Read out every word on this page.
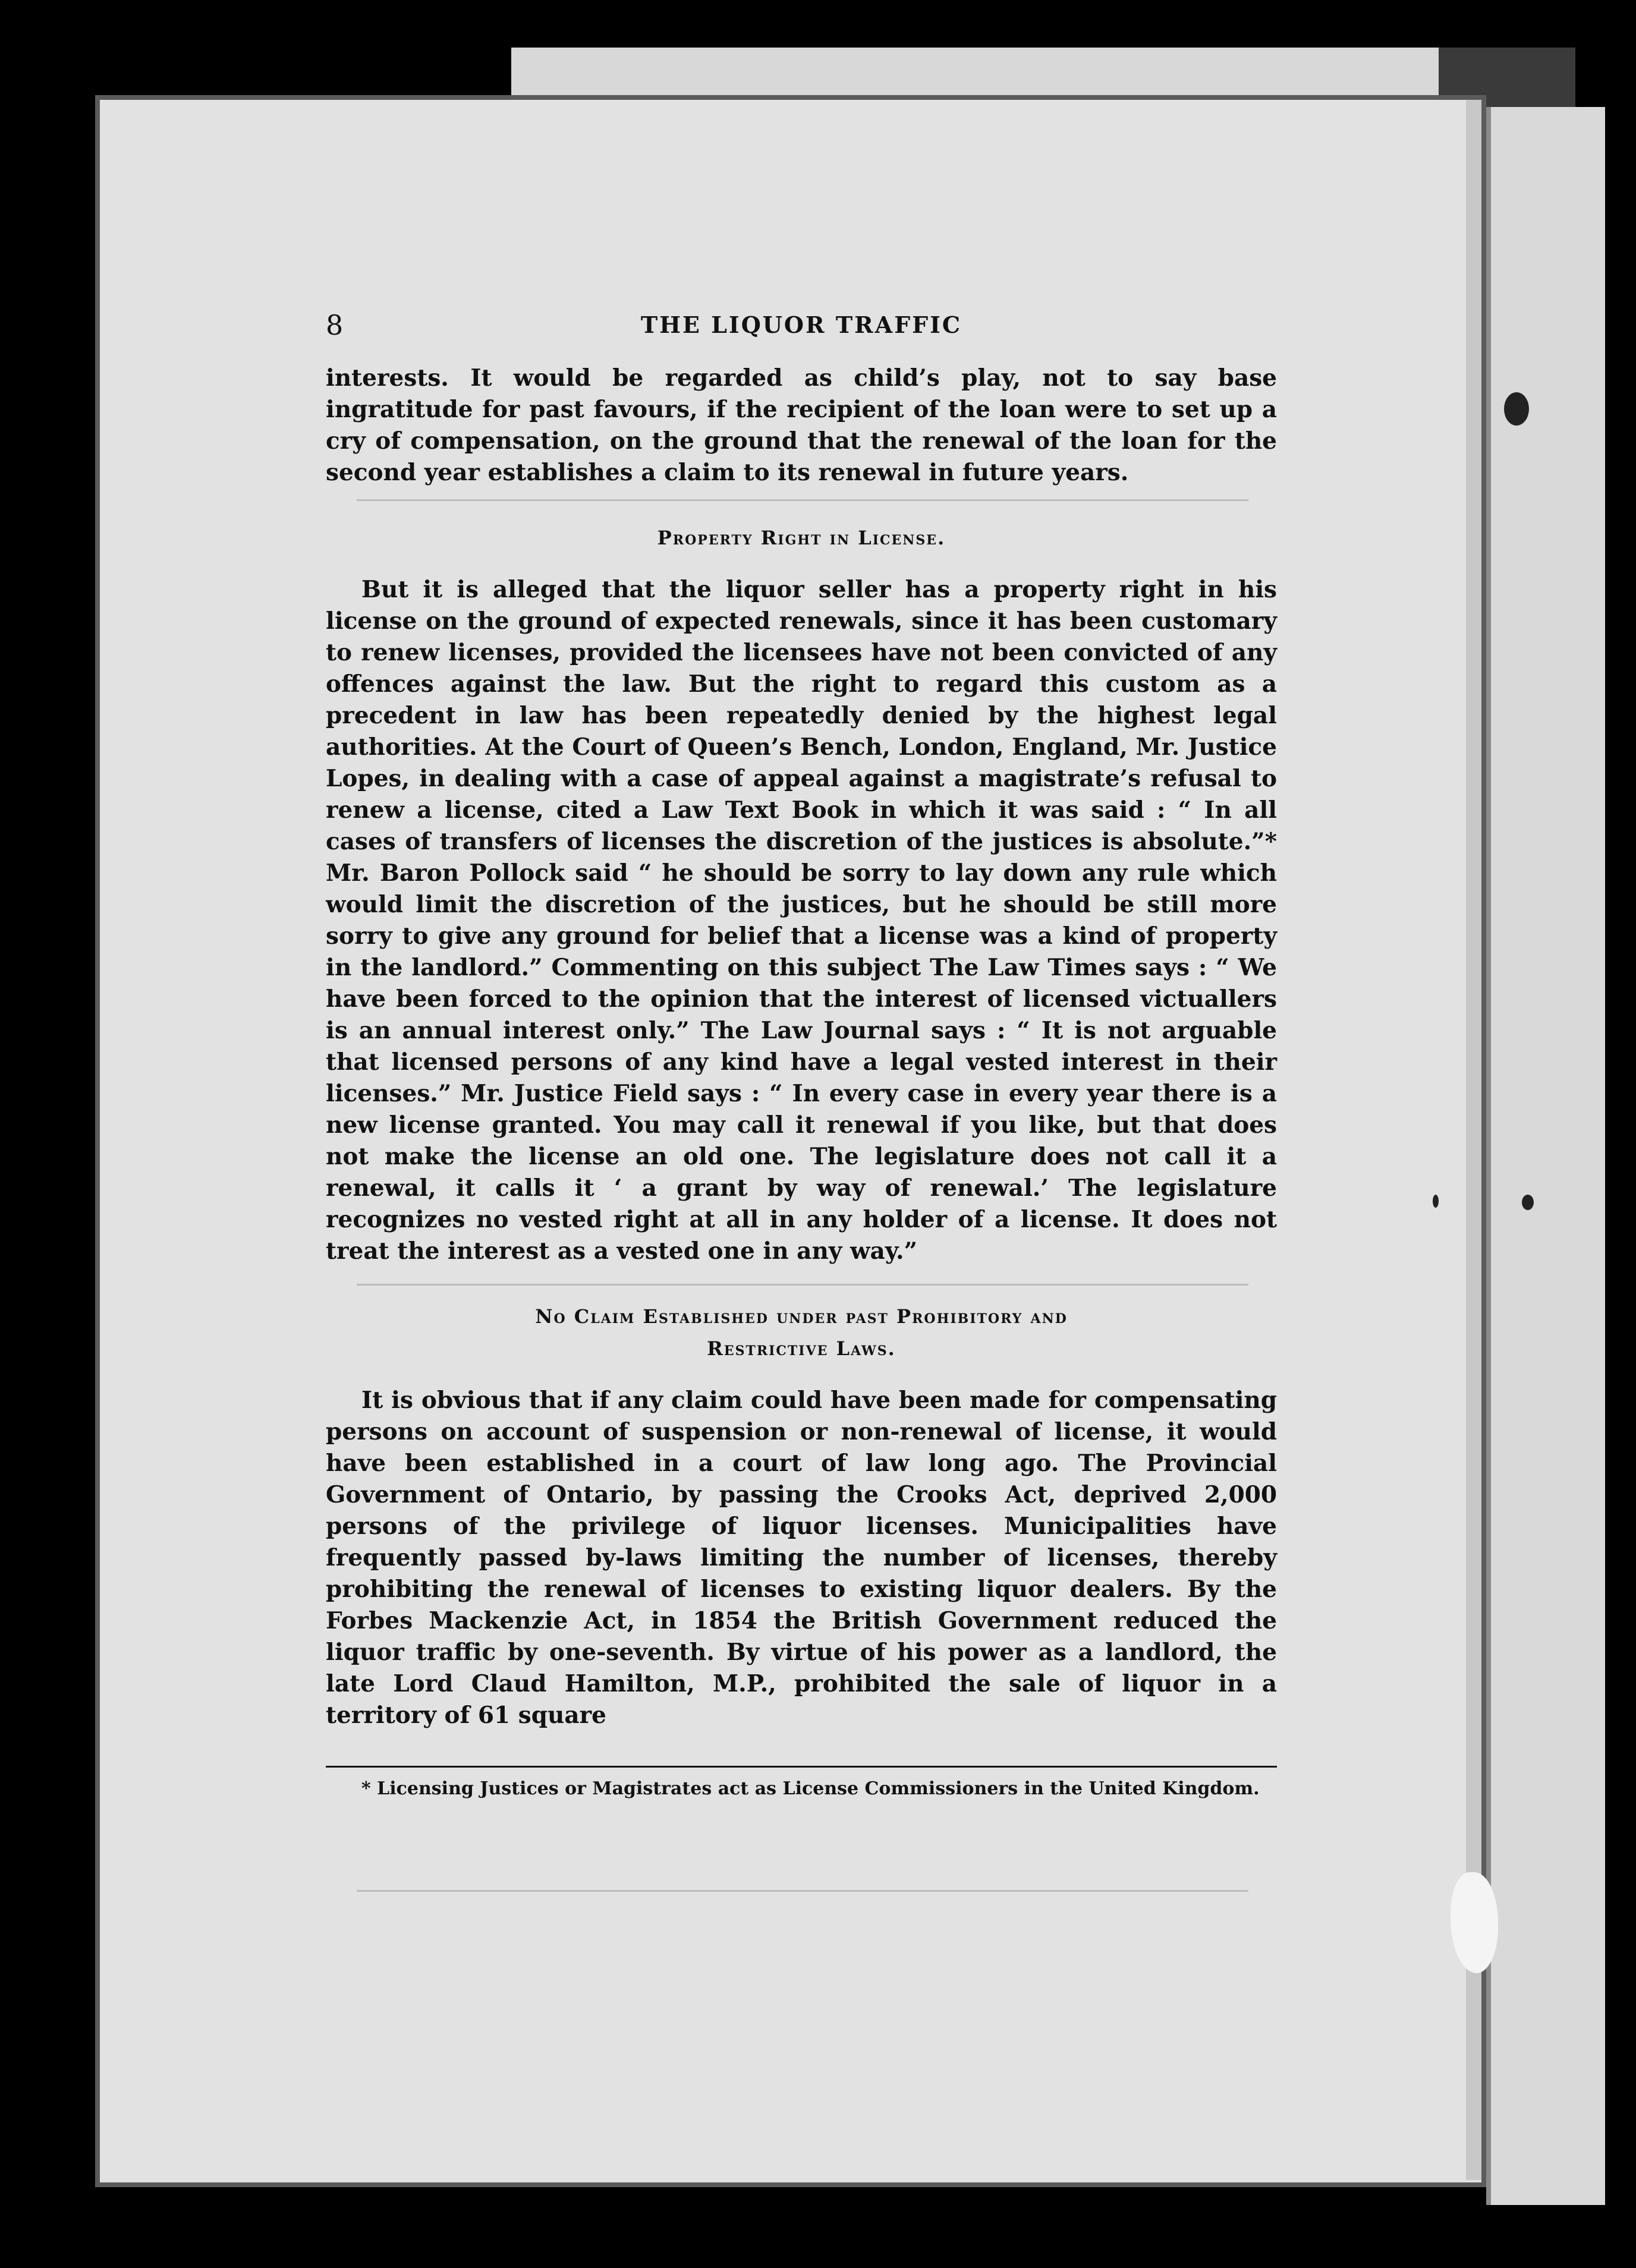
8	THE LIQUOR TRAFFIC

interests. It would be regarded as child’s play, not to say base ingratitude for past favours, if the recipient of the loan were to set up a cry of compensation, on the ground that the renewal of the loan for the second year establishes a claim to its renewal in future years.

Property Right in License.

But it is alleged that the liquor seller has a property right in his license on the ground of expected renewals, since it has been customary to renew licenses, provided the licensees have not been convicted of any offences against the law. But the right to regard this custom as a precedent in law has been repeatedly denied by the highest legal authorities. At the Court of Queen’s Bench, London, England, Mr. Justice Lopes, in dealing with a case of appeal against a magistrate’s refusal to renew a license, cited a Law Text Book in which it was said : “ In all cases of transfers of licenses the discretion of the justices is absolute.”* Mr. Baron Pollock said “ he should be sorry to lay down any rule which would limit the discretion of the justices, but he should be still more sorry to give any ground for belief that a license was a kind of property in the landlord.” Commenting on this subject The Law Times says : “ We have been forced to the opinion that the interest of licensed victuallers is an annual interest only.” The Law Journal says : “ It is not arguable that licensed persons of any kind have a legal vested interest in their licenses.” Mr. Justice Field says : “ In every case in every year there is a new license granted. You may call it renewal if you like, but that does not make the license an old one. The legislature does not call it a renewal, it calls it ‘ a grant by way of renewal.’ The legislature recognizes no vested right at all in any holder of a license. It does not treat the interest as a vested one in any way.”

No Claim Established under past Prohibitory and
Restrictive Laws.

It is obvious that if any claim could have been made for compensating persons on account of suspension or non-renewal of license, it would have been established in a court of law long ago. The Provincial Government of Ontario, by passing the Crooks Act, deprived 2,000 persons of the privilege of liquor licenses. Municipalities have frequently passed by-laws limiting the number of licenses, thereby prohibiting the renewal of licenses to existing liquor dealers. By the Forbes Mackenzie Act, in 1854 the British Government reduced the liquor traffic by one-seventh. By virtue of his power as a landlord, the late Lord Claud Hamilton, M.P., prohibited the sale of liquor in a territory of 61 square

* Licensing Justices or Magistrates act as License Commissioners in the United Kingdom.
